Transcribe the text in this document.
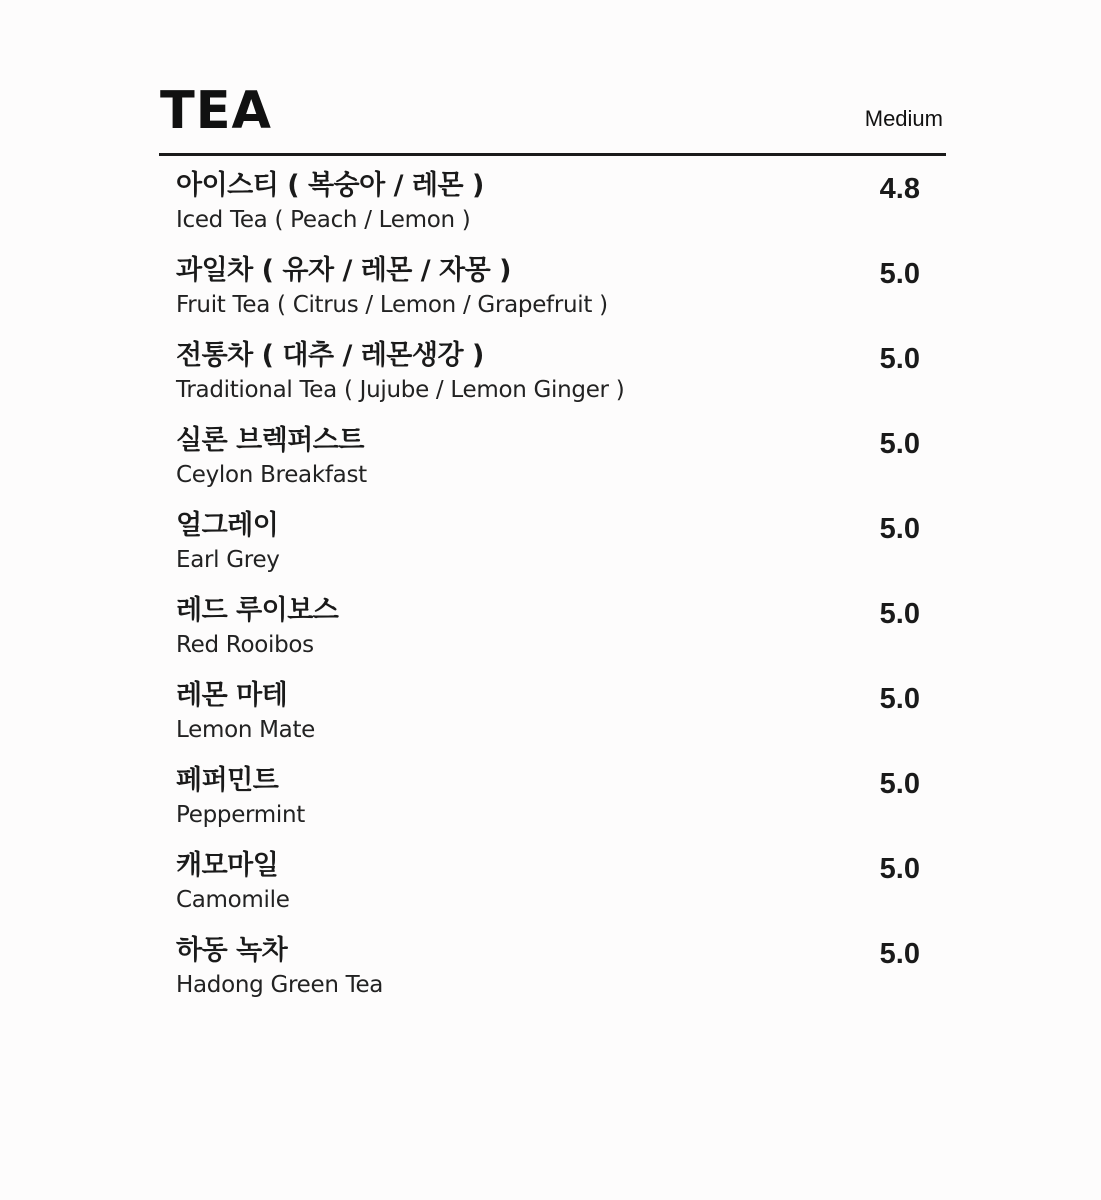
TEA	Medium
아이스티 ( 복숭아 / 레몬 )
Iced Tea ( Peach / Lemon )
4.8
과일차 ( 유자 / 레몬 / 자몽 )
Fruit Tea ( Citrus / Lemon / Grapefruit )
5.0
전통차 ( 대추 / 레몬생강 )
Traditional Tea ( Jujube / Lemon Ginger )
5.0
실론 브렉퍼스트
Ceylon Breakfast
5.0
얼그레이
Earl Grey
5.0
레드 루이보스
Red Rooibos
5.0
레몬 마테
Lemon Mate
5.0
페퍼민트
Peppermint
5.0
캐모마일
Camomile
5.0
하동 녹차
Hadong Green Tea
5.0
